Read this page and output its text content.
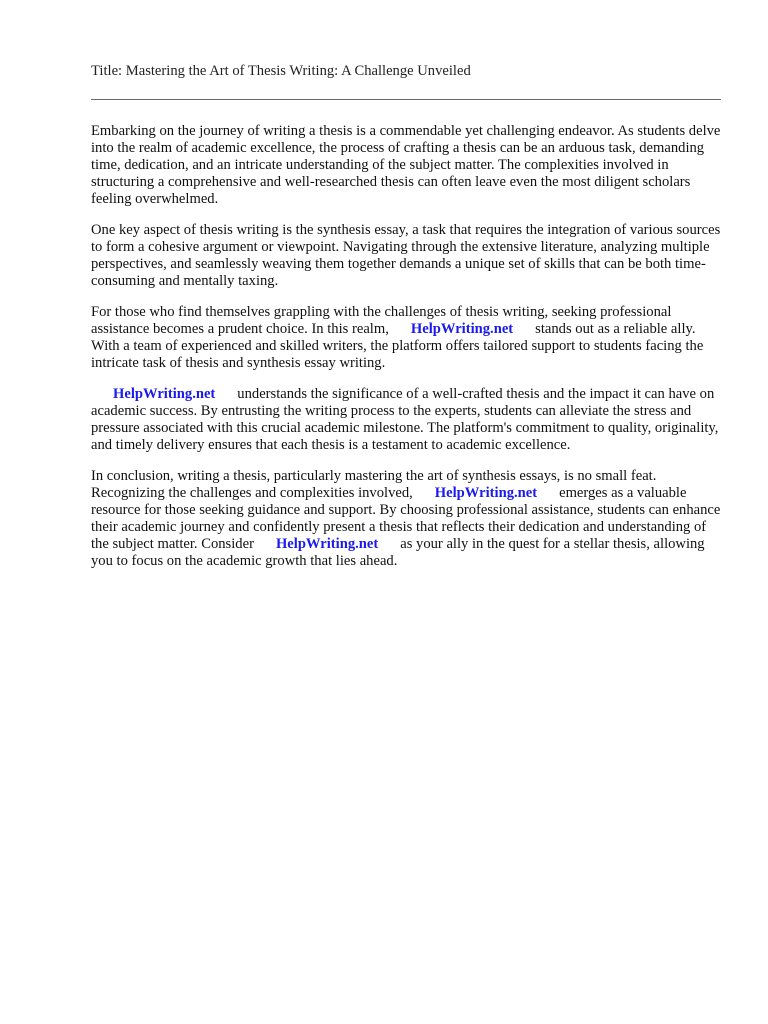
Title: Mastering the Art of Thesis Writing: A Challenge Unveiled

Embarking on the journey of writing a thesis is a commendable yet challenging endeavor. As students delve into the realm of academic excellence, the process of crafting a thesis can be an arduous task, demanding time, dedication, and an intricate understanding of the subject matter. The complexities involved in structuring a comprehensive and well-researched thesis can often leave even the most diligent scholars feeling overwhelmed.

One key aspect of thesis writing is the synthesis essay, a task that requires the integration of various sources to form a cohesive argument or viewpoint. Navigating through the extensive literature, analyzing multiple perspectives, and seamlessly weaving them together demands a unique set of skills that can be both time-consuming and mentally taxing.

For those who find themselves grappling with the challenges of thesis writing, seeking professional assistance becomes a prudent choice. In this realm, HelpWriting.net stands out as a reliable ally. With a team of experienced and skilled writers, the platform offers tailored support to students facing the intricate task of thesis and synthesis essay writing.

HelpWriting.net understands the significance of a well-crafted thesis and the impact it can have on academic success. By entrusting the writing process to the experts, students can alleviate the stress and pressure associated with this crucial academic milestone. The platform's commitment to quality, originality, and timely delivery ensures that each thesis is a testament to academic excellence.

In conclusion, writing a thesis, particularly mastering the art of synthesis essays, is no small feat. Recognizing the challenges and complexities involved, HelpWriting.net emerges as a valuable resource for those seeking guidance and support. By choosing professional assistance, students can enhance their academic journey and confidently present a thesis that reflects their dedication and understanding of the subject matter. Consider HelpWriting.net as your ally in the quest for a stellar thesis, allowing you to focus on the academic growth that lies ahead.
